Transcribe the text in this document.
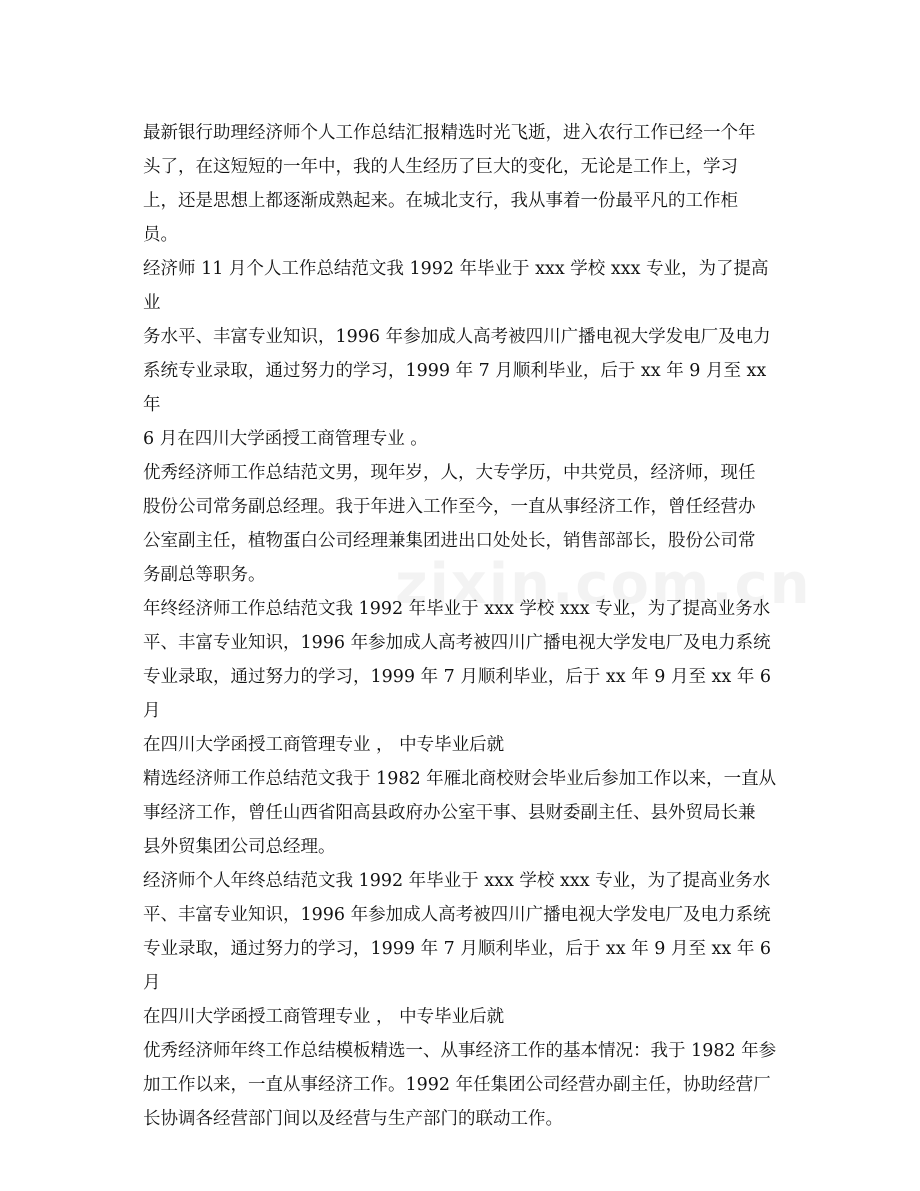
最新银行助理经济师个人工作总结汇报精选时光飞逝，进入农行工作已经一个年
头了，在这短短的一年中，我的人生经历了巨大的变化，无论是工作上，学习
上，还是思想上都逐渐成熟起来。在城北支行，我从事着一份最平凡的工作柜
员。

经济师 11 月个人工作总结范文我 1992 年毕业于 xxx 学校 xxx 专业，为了提高业
务水平、丰富专业知识，1996 年参加成人高考被四川广播电视大学发电厂及电力
系统专业录取，通过努力的学习，1999 年 7 月顺利毕业，后于 xx 年 9 月至 xx 年
6 月在四川大学函授工商管理专业 。

优秀经济师工作总结范文男，现年岁，人，大专学历，中共党员，经济师，现任
股份公司常务副总经理。我于年进入工作至今，一直从事经济工作，曾任经营办
公室副主任，植物蛋白公司经理兼集团进出口处处长，销售部部长，股份公司常
务副总等职务。

年终经济师工作总结范文我 1992 年毕业于 xxx 学校 xxx 专业，为了提高业务水
平、丰富专业知识，1996 年参加成人高考被四川广播电视大学发电厂及电力系统
专业录取，通过努力的学习，1999 年 7 月顺利毕业，后于 xx 年 9 月至 xx 年 6 月
在四川大学函授工商管理专业 ， 中专毕业后就

精选经济师工作总结范文我于 1982 年雁北商校财会毕业后参加工作以来，一直从
事经济工作，曾任山西省阳高县政府办公室干事、县财委副主任、县外贸局长兼
县外贸集团公司总经理。

经济师个人年终总结范文我 1992 年毕业于 xxx 学校 xxx 专业，为了提高业务水
平、丰富专业知识，1996 年参加成人高考被四川广播电视大学发电厂及电力系统
专业录取，通过努力的学习，1999 年 7 月顺利毕业，后于 xx 年 9 月至 xx 年 6 月
在四川大学函授工商管理专业 ， 中专毕业后就

优秀经济师年终工作总结模板精选一、从事经济工作的基本情况：我于 1982 年参
加工作以来，一直从事经济工作。1992 年任集团公司经营办副主任，协助经营厂
长协调各经营部门间以及经营与生产部门的联动工作。
